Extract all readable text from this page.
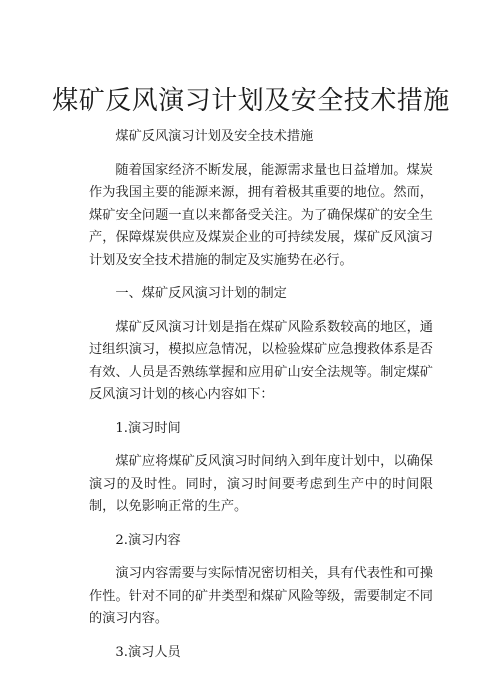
煤矿反风演习计划及安全技术措施

煤矿反风演习计划及安全技术措施

随着国家经济不断发展，能源需求量也日益增加。煤炭作为我国主要的能源来源，拥有着极其重要的地位。然而，煤矿安全问题一直以来都备受关注。为了确保煤矿的安全生产，保障煤炭供应及煤炭企业的可持续发展，煤矿反风演习计划及安全技术措施的制定及实施势在必行。

一、煤矿反风演习计划的制定

煤矿反风演习计划是指在煤矿风险系数较高的地区，通过组织演习，模拟应急情况，以检验煤矿应急搜救体系是否有效、人员是否熟练掌握和应用矿山安全法规等。制定煤矿反风演习计划的核心内容如下：

1.演习时间

煤矿应将煤矿反风演习时间纳入到年度计划中，以确保演习的及时性。同时，演习时间要考虑到生产中的时间限制，以免影响正常的生产。

2.演习内容

演习内容需要与实际情况密切相关，具有代表性和可操作性。针对不同的矿井类型和煤矿风险等级，需要制定不同的演习内容。

3.演习人员
